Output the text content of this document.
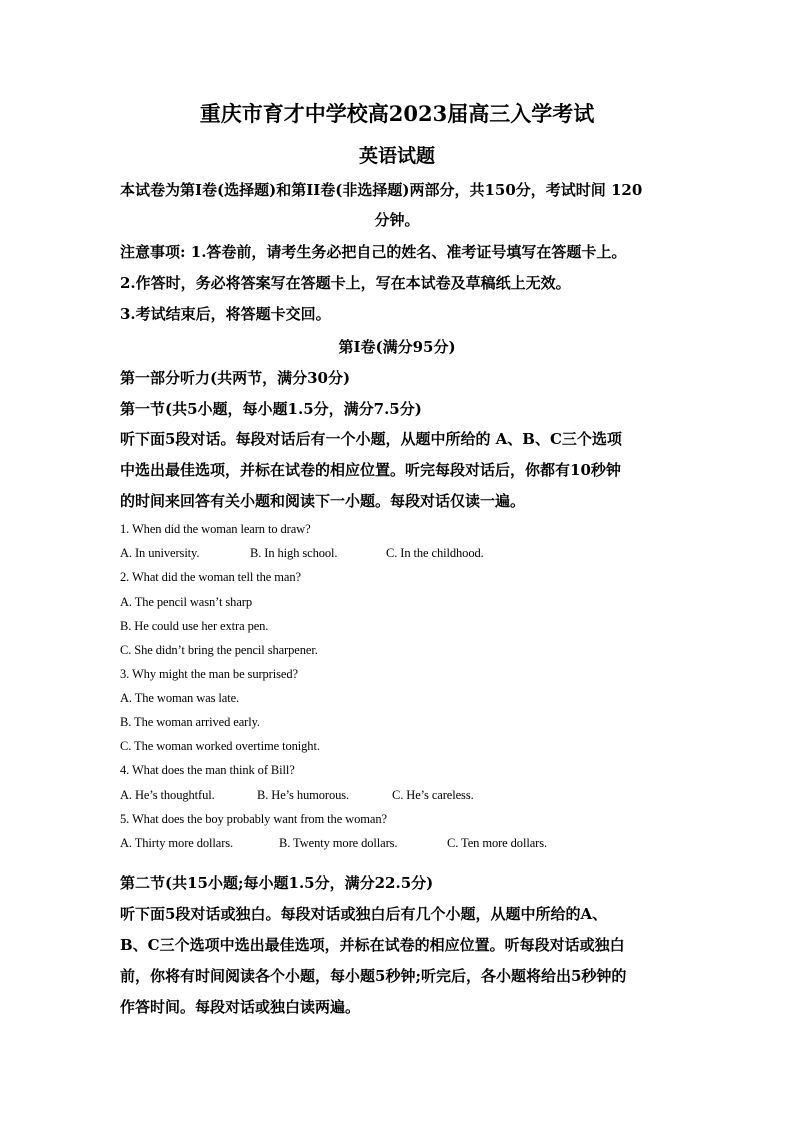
重庆市育才中学校高2023届高三入学考试
英语试题
本试卷为第I卷(选择题)和第II卷(非选择题)两部分，共150分，考试时间 120
分钟。
注意事项: 1.答卷前，请考生务必把自己的姓名、准考证号填写在答题卡上。
2.作答时，务必将答案写在答题卡上，写在本试卷及草稿纸上无效。
3.考试结束后，将答题卡交回。
第I卷(满分95分)
第一部分听力(共两节，满分30分)
第一节(共5小题，每小题1.5分，满分7.5分)
听下面5段对话。每段对话后有一个小题，从题中所给的 A、B、C三个选项
中选出最佳选项，并标在试卷的相应位置。听完每段对话后，你都有10秒钟
的时间来回答有关小题和阅读下一小题。每段对话仅读一遍。
1. When did the woman learn to draw?
A. In university.	B. In high school.	C. In the childhood.
2. What did the woman tell the man?
A. The pencil wasn’t sharp
B. He could use her extra pen.
C. She didn’t bring the pencil sharpener.
3. Why might the man be surprised?
A. The woman was late.
B. The woman arrived early.
C. The woman worked overtime tonight.
4. What does the man think of Bill?
A. He’s thoughtful.	B. He’s humorous.	C. He’s careless.
5. What does the boy probably want from the woman?
A. Thirty more dollars.	B. Twenty more dollars.	C. Ten more dollars.
第二节(共15小题;每小题1.5分，满分22.5分)
听下面5段对话或独白。每段对话或独白后有几个小题，从题中所给的A、
B、C三个选项中选出最佳选项，并标在试卷的相应位置。听每段对话或独白
前，你将有时间阅读各个小题，每小题5秒钟;听完后，各小题将给出5秒钟的
作答时间。每段对话或独白读两遍。
